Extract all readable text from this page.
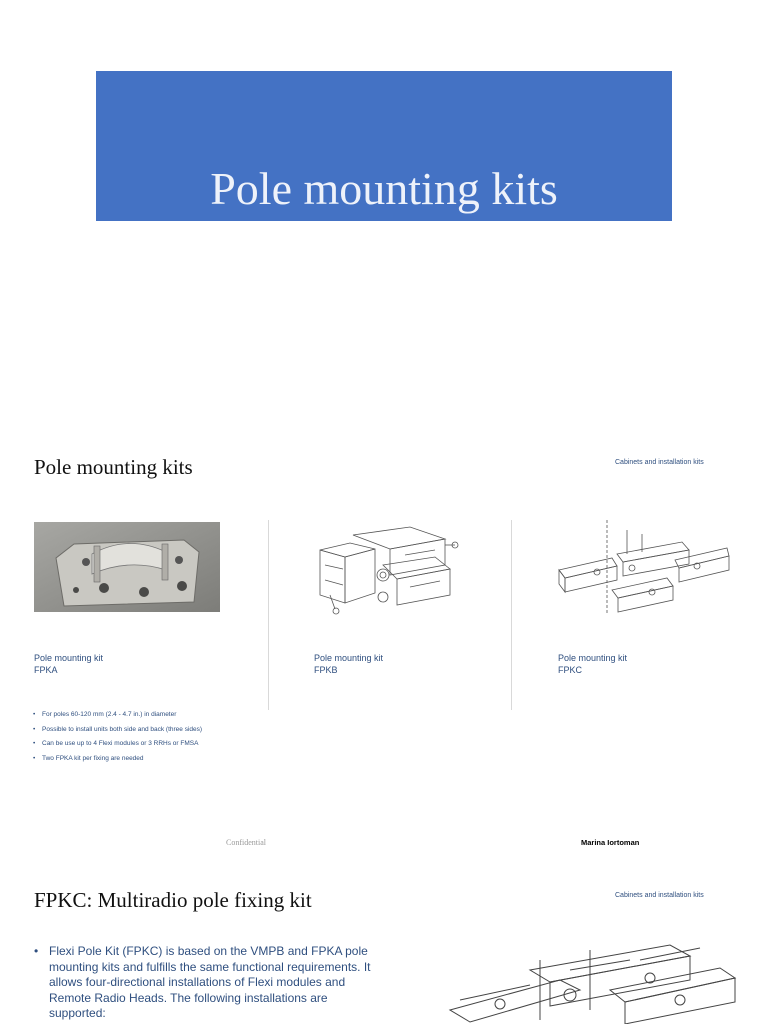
Pole mounting kits
Pole mounting kits	Cabinets and installation kits
Pole mounting kit
FPKA
Pole mounting kit
FPKB
Pole mounting kit
FPKC
•	For poles 60-120 mm (2.4 - 4.7 in.) in diameter
•	Possible to install units both side and back (three sides)
•	Can be use up to 4 Flexi modules or 3 RRHs or FMSA
•	Two FPKA kit per fixing are needed
Confidential	Marina Iortoman
FPKC: Multiradio pole fixing kit	Cabinets and installation kits
• Flexi Pole Kit (FPKC) is based on the VMPB and FPKA pole
mounting kits and fulfills the same functional requirements. It
allows four-directional installations of Flexi modules and
Remote Radio Heads. The following installations are
supported:
